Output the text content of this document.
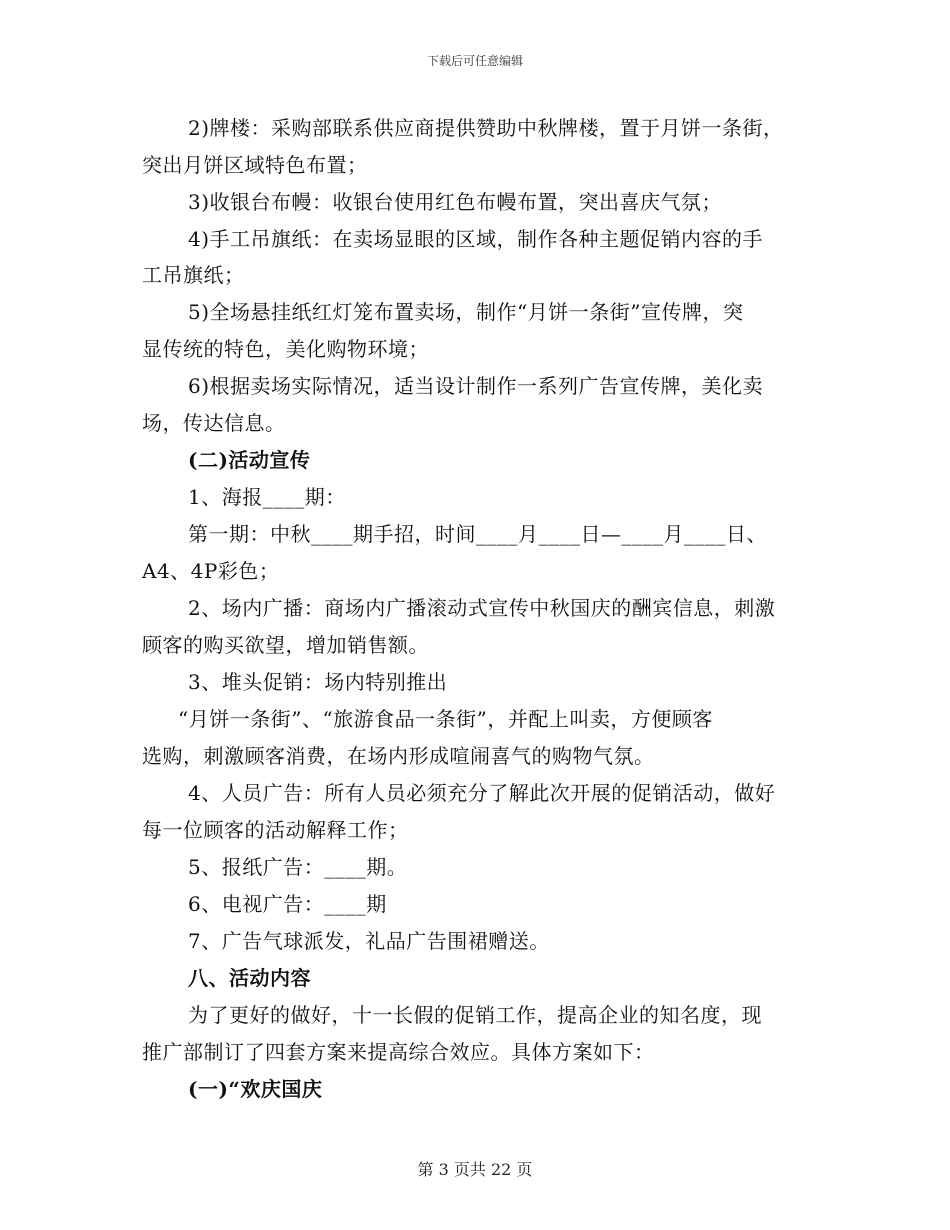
下载后可任意编辑
2)牌楼：采购部联系供应商提供赞助中秋牌楼，置于月饼一条街，
突出月饼区域特色布置；
3)收银台布幔：收银台使用红色布幔布置，突出喜庆气氛；
4)手工吊旗纸：在卖场显眼的区域，制作各种主题促销内容的手
工吊旗纸；
5)全场悬挂纸红灯笼布置卖场，制作“月饼一条街”宣传牌，突
显传统的特色，美化购物环境；
6)根据卖场实际情况，适当设计制作一系列广告宣传牌，美化卖
场，传达信息。
(二)活动宣传
1、海报____期：
第一期：中秋____期手招，时间____月____日—____月____日、
A4、4P彩色；
2、场内广播：商场内广播滚动式宣传中秋国庆的酬宾信息，刺激
顾客的购买欲望，增加销售额。
3、堆头促销：场内特别推出
“月饼一条街”、“旅游食品一条街”，并配上叫卖，方便顾客
选购，刺激顾客消费，在场内形成喧闹喜气的购物气氛。
4、人员广告：所有人员必须充分了解此次开展的促销活动，做好
每一位顾客的活动解释工作；
5、报纸广告：____期。
6、电视广告：____期
7、广告气球派发，礼品广告围裙赠送。
八、活动内容
为了更好的做好，十一长假的促销工作，提高企业的知名度，现
推广部制订了四套方案来提高综合效应。具体方案如下：
(一)“欢庆国庆
第 3 页共 22 页
